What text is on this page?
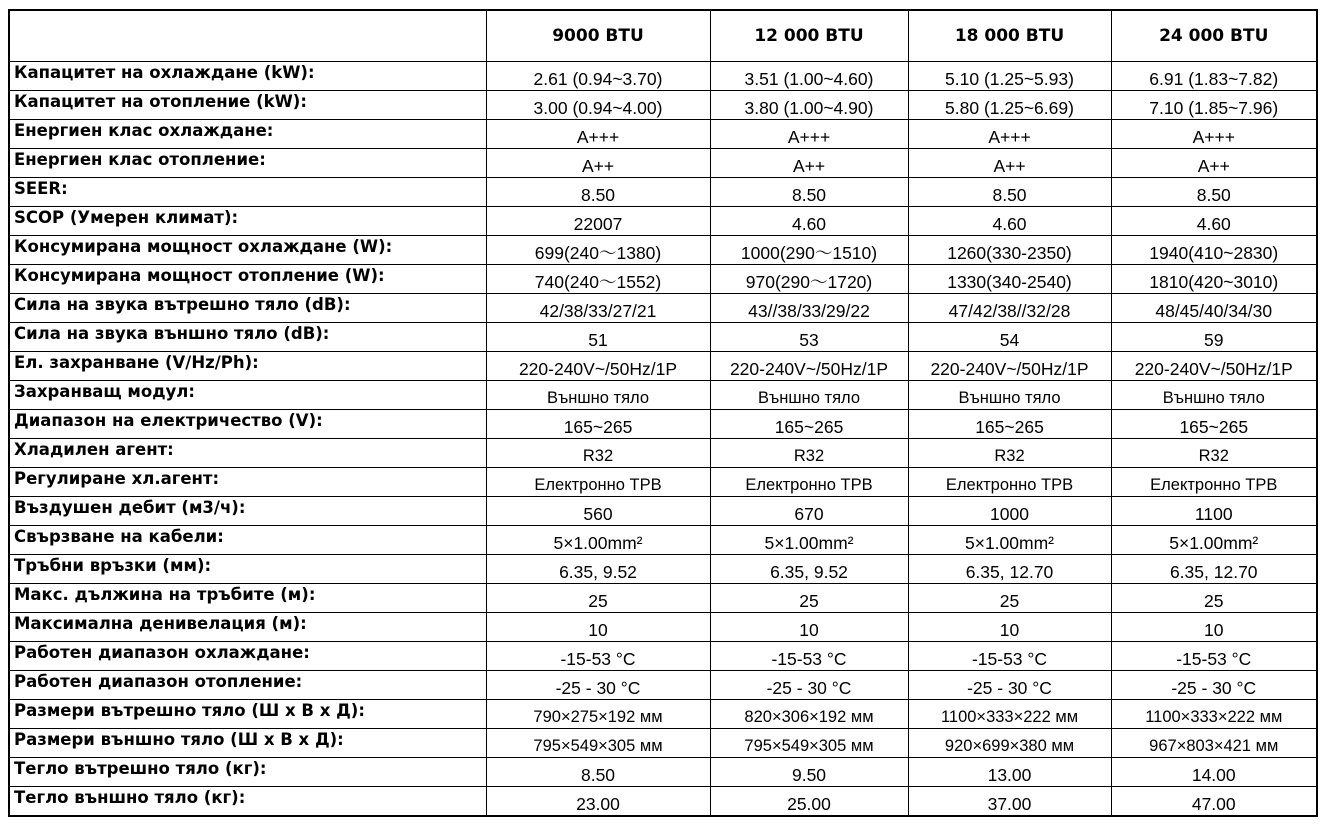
	9000 BTU	12 000 BTU	18 000 BTU	24 000 BTU
Капацитет на охлаждане (kW):	2.61 (0.94~3.70)	3.51 (1.00~4.60)	5.10 (1.25~5.93)	6.91 (1.83~7.82)
Капацитет на отопление (kW):	3.00 (0.94~4.00)	3.80 (1.00~4.90)	5.80 (1.25~6.69)	7.10 (1.85~7.96)
Енергиен клас охлаждане:	A+++	A+++	A+++	A+++
Енергиен клас отопление:	A++	A++	A++	A++
SEER:	8.50	8.50	8.50	8.50
SCOP (Умерен климат):	22007	4.60	4.60	4.60
Консумирана мощност охлаждане (W):	699(240～1380)	1000(290～1510)	1260(330-2350)	1940(410~2830)
Консумирана мощност отопление (W):	740(240～1552)	970(290～1720)	1330(340-2540)	1810(420~3010)
Сила на звука вътрешно тяло (dB):	42/38/33/27/21	43//38/33/29/22	47/42/38//32/28	48/45/40/34/30
Сила на звука външно тяло (dB):	51	53	54	59
Ел. захранване (V/Hz/Ph):	220-240V~/50Hz/1P	220-240V~/50Hz/1P	220-240V~/50Hz/1P	220-240V~/50Hz/1P
Захранващ модул:	Външно тяло	Външно тяло	Външно тяло	Външно тяло
Диапазон на електричество (V):	165~265	165~265	165~265	165~265
Хладилен агент:	R32	R32	R32	R32
Регулиране хл.агент:	Електронно ТРВ	Електронно ТРВ	Електронно ТРВ	Електронно ТРВ
Въздушен дебит (м3/ч):	560	670	1000	1100
Свързване на кабели:	5×1.00mm²	5×1.00mm²	5×1.00mm²	5×1.00mm²
Тръбни връзки (мм):	6.35, 9.52	6.35, 9.52	6.35, 12.70	6.35, 12.70
Макс. дължина на тръбите (м):	25	25	25	25
Максимална денивелация (м):	10	10	10	10
Работен диапазон охлаждане:	-15-53 °C	-15-53 °C	-15-53 °C	-15-53 °C
Работен диапазон отопление:	-25 - 30 °C	-25 - 30 °C	-25 - 30 °C	-25 - 30 °C
Размери вътрешно тяло (Ш x В x Д):	790×275×192 мм	820×306×192 мм	1100×333×222 мм	1100×333×222 мм
Размери външно тяло (Ш x В x Д):	795×549×305 мм	795×549×305 мм	920×699×380 мм	967×803×421 мм
Тегло вътрешно тяло (кг):	8.50	9.50	13.00	14.00
Тегло външно тяло (кг):	23.00	25.00	37.00	47.00
